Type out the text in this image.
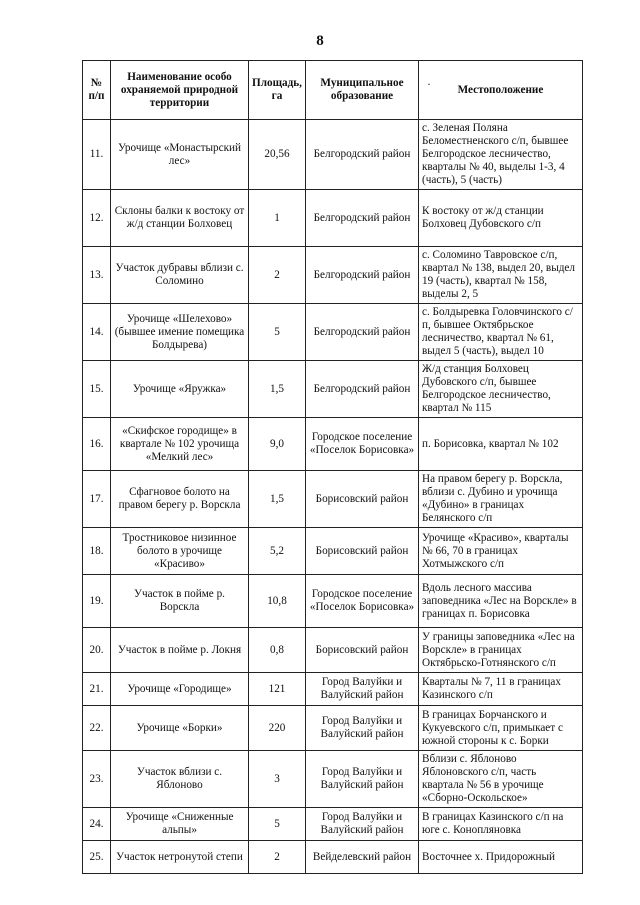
8
·
№ п/п	Наименование особо охраняемой природной территории	Площадь, га	Муниципальное образование	Местоположение
11.	Урочище «Монастырский лес»	20,56	Белгородский район	с. Зеленая Поляна Беломестненского с/п, бывшее Белгородское лесничество, кварталы № 40, выделы 1-3, 4 (часть), 5 (часть)
12.	Склоны балки к востоку от ж/д станции Болховец	1	Белгородский район	К востоку от ж/д станции Болховец Дубовского с/п
13.	Участок дубравы вблизи с. Соломино	2	Белгородский район	с. Соломино Тавровское с/п, квартал № 138, выдел 20, выдел 19 (часть), квартал № 158, выделы 2, 5
14.	Урочище «Шелехово» (бывшее имение помещика Болдырева)	5	Белгородский район	с. Болдыревка Головчинского с/п, бывшее Октябрьское лесничество, квартал № 61, выдел 5 (часть), выдел 10
15.	Урочище «Яружка»	1,5	Белгородский район	Ж/д станция Болховец Дубовского с/п, бывшее Белгородское лесничество, квартал № 115
16.	«Скифское городище» в квартале № 102 урочища «Мелкий лес»	9,0	Городское поселение «Поселок Борисовка»	п. Борисовка, квартал № 102
17.	Сфагновое болото на правом берегу р. Ворскла	1,5	Борисовский район	На правом берегу р. Ворскла, вблизи с. Дубино и урочища «Дубино» в границах Белянского с/п
18.	Тростниковое низинное болото в урочище «Красиво»	5,2	Борисовский район	Урочище «Красиво», кварталы № 66, 70 в границах Хотмыжского с/п
19.	Участок в пойме р. Ворскла	10,8	Городское поселение «Поселок Борисовка»	Вдоль лесного массива заповедника «Лес на Ворскле» в границах п. Борисовка
20.	Участок в пойме р. Локня	0,8	Борисовский район	У границы заповедника «Лес на Ворскле» в границах Октябрьско-Готнянского с/п
21.	Урочище «Городище»	121	Город Валуйки и Валуйский район	Кварталы № 7, 11 в границах Казинского с/п
22.	Урочище «Борки»	220	Город Валуйки и Валуйский район	В границах Борчанского и Кукуевского с/п, примыкает с южной стороны к с. Борки
23.	Участок вблизи с. Яблоново	3	Город Валуйки и Валуйский район	Вблизи с. Яблоново Яблоновского с/п, часть квартала № 56 в урочище «Сборно-Оскольское»
24.	Урочище «Сниженные альпы»	5	Город Валуйки и Валуйский район	В границах Казинского с/п на юге с. Конопляновка
25.	Участок нетронутой степи	2	Вейделевский район	Восточнее х. Придорожный
